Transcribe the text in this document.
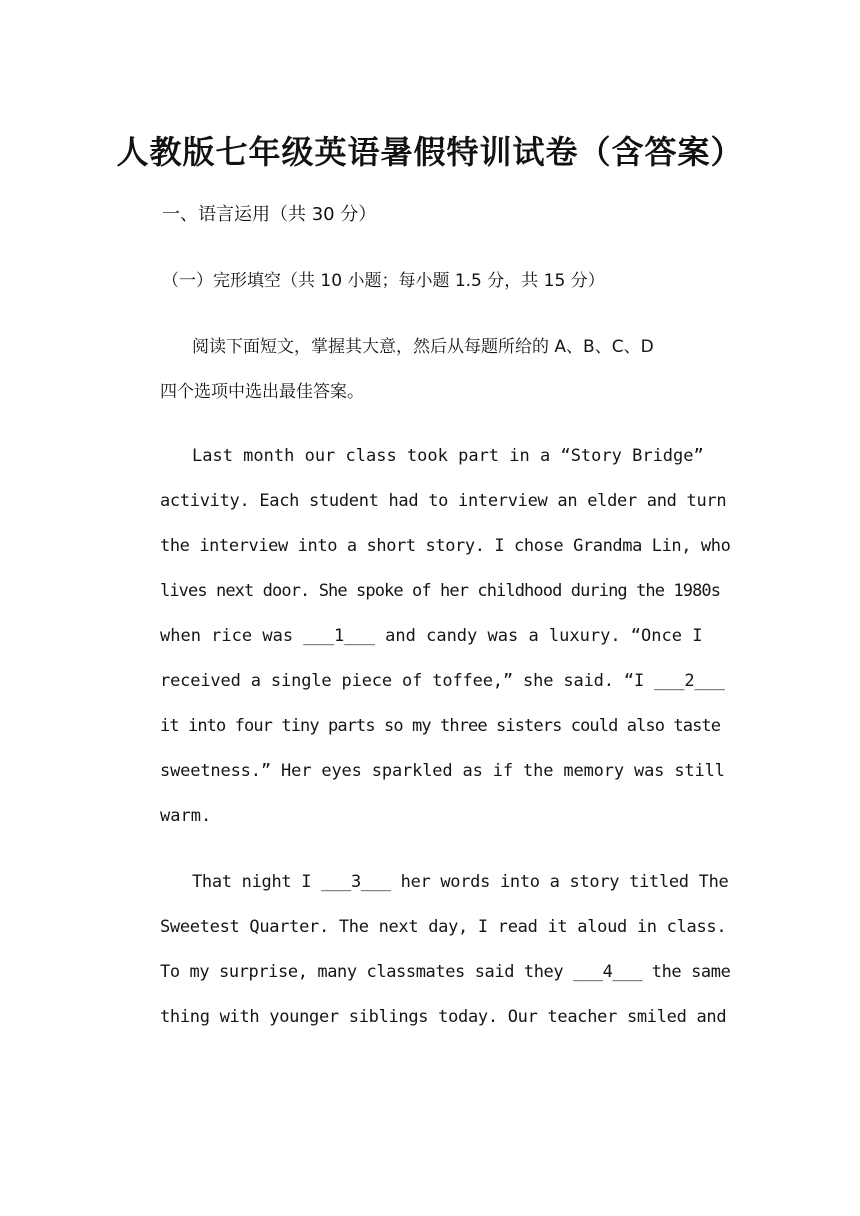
人教版七年级英语暑假特训试卷（含答案）
一、语言运用（共 30 分）
（一）完形填空（共 10 小题；每小题 1.5 分，共 15 分）
阅读下面短文，掌握其大意，然后从每题所给的 A、B、C、D
四个选项中选出最佳答案。
Last month our class took part in a “Story Bridge”
activity. Each student had to interview an elder and turn
the interview into a short story. I chose Grandma Lin, who
lives next door. She spoke of her childhood during the 1980s
when rice was ___1___ and candy was a luxury. “Once I
received a single piece of toffee,” she said. “I ___2___
it into four tiny parts so my three sisters could also taste
sweetness.” Her eyes sparkled as if the memory was still
warm.
That night I ___3___ her words into a story titled The
Sweetest Quarter. The next day, I read it aloud in class.
To my surprise, many classmates said they ___4___ the same
thing with younger siblings today. Our teacher smiled and
